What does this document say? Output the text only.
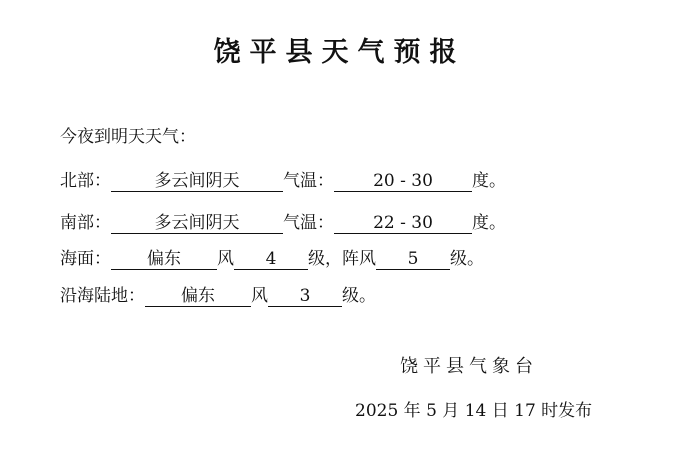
饶平县天气预报
今夜到明天天气：
北部：	多云间阴天	气温： 20 - 30 度。
南部：	多云间阴天	气温： 22 - 30 度。
海面： 偏东 风 4 级，阵风 5 级。
沿海陆地： 偏东 风 3 级。
饶平县气象台
2025 年 5 月 14 日 17 时发布
